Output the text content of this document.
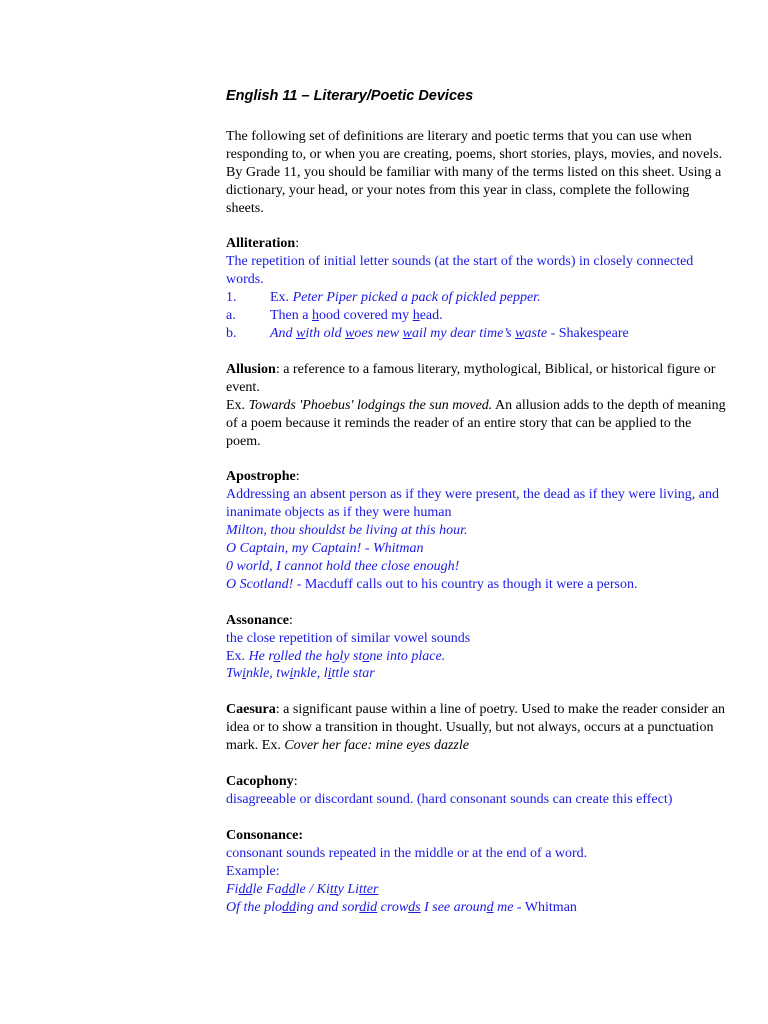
English 11 – Literary/Poetic Devices

The following set of definitions are literary and poetic terms that you can use when responding to, or when you are creating, poems, short stories, plays, movies, and novels. By Grade 11, you should be familiar with many of the terms listed on this sheet. Using a dictionary, your head, or your notes from this year in class, complete the following sheets.

Alliteration:

The repetition of initial letter sounds (at the start of the words) in closely connected words.

1. Ex. Peter Piper picked a pack of pickled pepper.

a. Then a hood covered my head.

b. And with old woes new wail my dear time’s waste - Shakespeare

Allusion: a reference to a famous literary, mythological, Biblical, or historical figure or event.

Ex. Towards 'Phoebus' lodgings the sun moved. An allusion adds to the depth of meaning of a poem because it reminds the reader of an entire story that can be applied to the poem.

Apostrophe:

Addressing an absent person as if they were present, the dead as if they were living, and inanimate objects as if they were human

Milton, thou shouldst be living at this hour.

O Captain, my Captain! - Whitman

0 world, I cannot hold thee close enough!

O Scotland! - Macduff calls out to his country as though it were a person.

Assonance:

the close repetition of similar vowel sounds

Ex. He rolled the holy stone into place.

Twinkle, twinkle, little star

Caesura: a significant pause within a line of poetry. Used to make the reader consider an idea or to show a transition in thought. Usually, but not always, occurs at a punctuation mark. Ex. Cover her face: mine eyes dazzle

Cacophony:

disagreeable or discordant sound. (hard consonant sounds can create this effect)

Consonance:

consonant sounds repeated in the middle or at the end of a word.

Example:

Fiddle Faddle / Kitty Litter

Of the plodding and sordid crowds I see around me - Whitman
